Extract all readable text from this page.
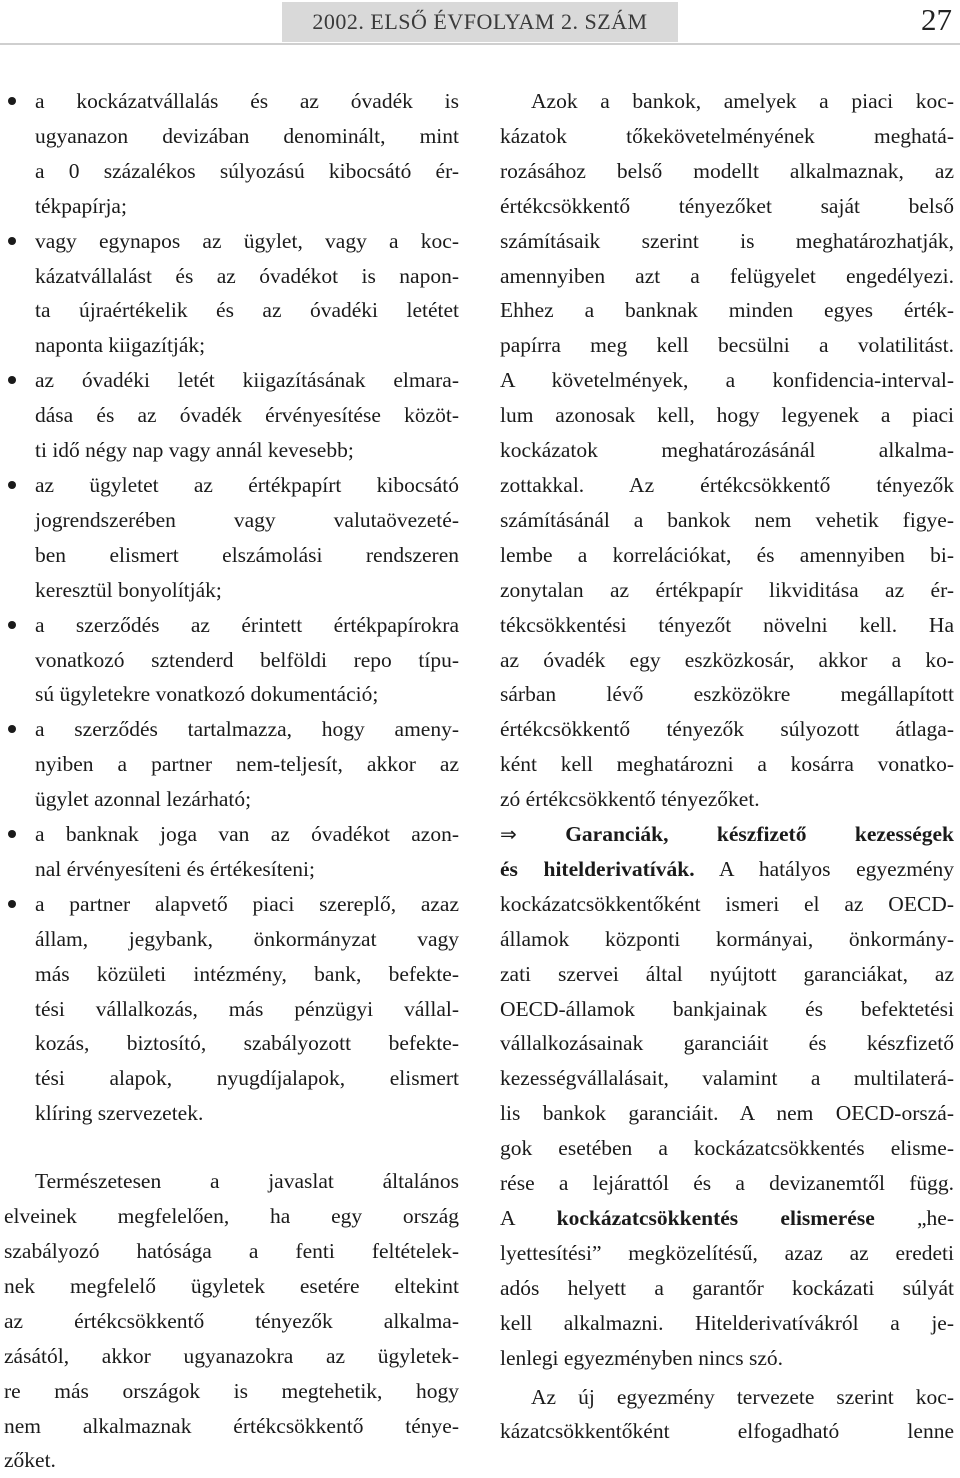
2002. ELSŐ ÉVFOLYAM 2. SZÁM	27
a kockázatvállalás és az óvadék is
ugyanazon devizában denominált, mint
a 0 százalékos súlyozású kibocsátó ér-
tékpapírja;
vagy egynapos az ügylet, vagy a koc-
kázatvállalást és az óvadékot is napon-
ta újraértékelik és az óvadéki letétet
naponta kiigazítják;
az óvadéki letét kiigazításának elmara-
dása és az óvadék érvényesítése közöt-
ti idő négy nap vagy annál kevesebb;
az ügyletet az értékpapírt kibocsátó
jogrendszerében vagy valutaövezeté-
ben elismert elszámolási rendszeren
keresztül bonyolítják;
a szerződés az érintett értékpapírokra
vonatkozó sztenderd belföldi repo típu-
sú ügyletekre vonatkozó dokumentáció;
a szerződés tartalmazza, hogy ameny-
nyiben a partner nem-teljesít, akkor az
ügylet azonnal lezárható;
a banknak joga van az óvadékot azon-
nal érvényesíteni és értékesíteni;
a partner alapvető piaci szereplő, azaz
állam, jegybank, önkormányzat vagy
más közületi intézmény, bank, befekte-
tési vállalkozás, más pénzügyi vállal-
kozás, biztosító, szabályozott befekte-
tési alapok, nyugdíjalapok, elismert
klíring szervezetek.

Természetesen a javaslat általános
elveinek megfelelően, ha egy ország
szabályozó hatósága a fenti feltételek-
nek megfelelő ügyletek esetére eltekint
az értékcsökkentő tényezők alkalma-
zásától, akkor ugyanazokra az ügyletek-
re más országok is megtehetik, hogy
nem alkalmaznak értékcsökkentő ténye-
zőket.

Azok a bankok, amelyek a piaci koc-
kázatok tőkekövetelményének meghatá-
rozásához belső modellt alkalmaznak, az
értékcsökkentő tényezőket saját belső
számításaik szerint is meghatározhatják,
amennyiben azt a felügyelet engedélyezi.
Ehhez a banknak minden egyes érték-
papírra meg kell becsülni a volatilitást.
A követelmények, a konfidencia-interval-
lum azonosak kell, hogy legyenek a piaci
kockázatok meghatározásánál alkalma-
zottakkal. Az értékcsökkentő tényezők
számításánál a bankok nem vehetik figye-
lembe a korrelációkat, és amennyiben bi-
zonytalan az értékpapír likviditása az ér-
tékcsökkentési tényezőt növelni kell. Ha
az óvadék egy eszközkosár, akkor a ko-
sárban lévő eszközökre megállapított
értékcsökkentő tényezők súlyozott átlaga-
ként kell meghatározni a kosárra vonatko-
zó értékcsökkentő tényezőket.

⇒ Garanciák, készfizető kezességek
és hitelderivatívák. A hatályos egyezmény
kockázatcsökkentőként ismeri el az OECD-
államok központi kormányai, önkormány-
zati szervei által nyújtott garanciákat, az
OECD-államok bankjainak és befektetési
vállalkozásainak garanciáit és készfizető
kezességvállalásait, valamint a multilaterá-
lis bankok garanciáit. A nem OECD-orszá-
gok esetében a kockázatcsökkentés elisme-
rése a lejárattól és a devizanemtől függ.
A kockázatcsökkentés elismerése „he-
lyettesítési” megközelítésű, azaz az eredeti
adós helyett a garantőr kockázati súlyát
kell alkalmazni. Hitelderivatívákról a je-
lenlegi egyezményben nincs szó.

Az új egyezmény tervezete szerint koc-
kázatcsökkentőként elfogadható lenne
